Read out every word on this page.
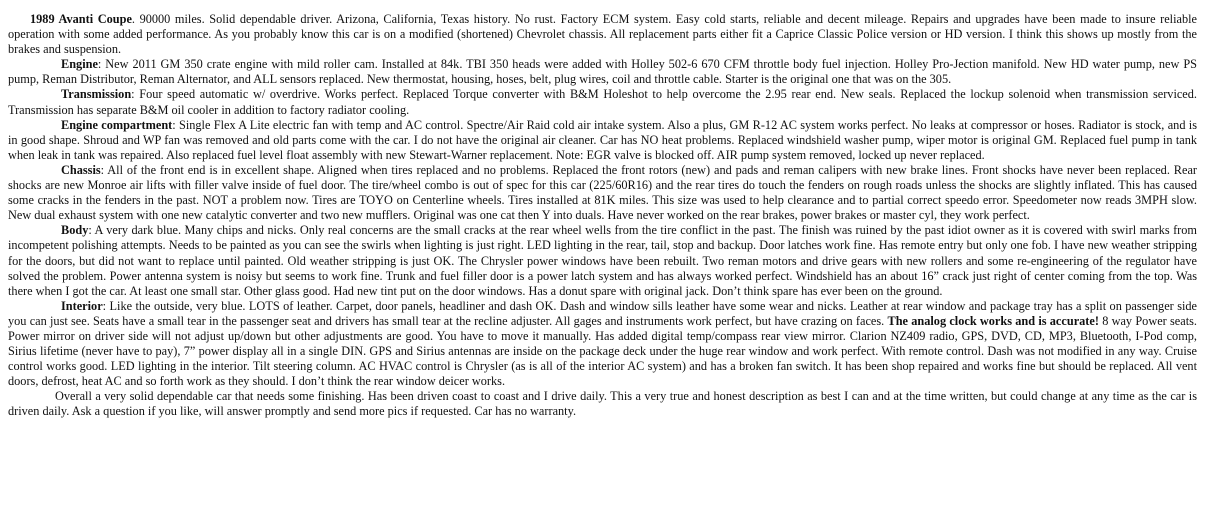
1989 Avanti Coupe. 90000 miles. Solid dependable driver. Arizona, California, Texas history. No rust. Factory ECM system. Easy cold starts, reliable and decent mileage. Repairs and upgrades have been made to insure reliable operation with some added performance. As you probably know this car is on a modified (shortened) Chevrolet chassis. All replacement parts either fit a Caprice Classic Police version or HD version. I think this shows up mostly from the brakes and suspension.

Engine: New 2011 GM 350 crate engine with mild roller cam. Installed at 84k. TBI 350 heads were added with Holley 502-6 670 CFM throttle body fuel injection. Holley Pro-Jection manifold. New HD water pump, new PS pump, Reman Distributor, Reman Alternator, and ALL sensors replaced. New thermostat, housing, hoses, belt, plug wires, coil and throttle cable. Starter is the original one that was on the 305.

Transmission: Four speed automatic w/ overdrive. Works perfect. Replaced Torque converter with B&M Holeshot to help overcome the 2.95 rear end. New seals. Replaced the lockup solenoid when transmission serviced. Transmission has separate B&M oil cooler in addition to factory radiator cooling.

Engine compartment: Single Flex A Lite electric fan with temp and AC control. Spectre/Air Raid cold air intake system. Also a plus, GM R-12 AC system works perfect. No leaks at compressor or hoses. Radiator is stock, and is in good shape. Shroud and WP fan was removed and old parts come with the car. I do not have the original air cleaner. Car has NO heat problems. Replaced windshield washer pump, wiper motor is original GM. Replaced fuel pump in tank when leak in tank was repaired. Also replaced fuel level float assembly with new Stewart-Warner replacement. Note: EGR valve is blocked off. AIR pump system removed, locked up never replaced.

Chassis: All of the front end is in excellent shape. Aligned when tires replaced and no problems. Replaced the front rotors (new) and pads and reman calipers with new brake lines. Front shocks have never been replaced. Rear shocks are new Monroe air lifts with filler valve inside of fuel door. The tire/wheel combo is out of spec for this car (225/60R16) and the rear tires do touch the fenders on rough roads unless the shocks are slightly inflated. This has caused some cracks in the fenders in the past. NOT a problem now. Tires are TOYO on Centerline wheels. Tires installed at 81K miles. This size was used to help clearance and to partial correct speedo error. Speedometer now reads 3MPH slow. New dual exhaust system with one new catalytic converter and two new mufflers. Original was one cat then Y into duals. Have never worked on the rear brakes, power brakes or master cyl, they work perfect.

Body: A very dark blue. Many chips and nicks. Only real concerns are the small cracks at the rear wheel wells from the tire conflict in the past. The finish was ruined by the past idiot owner as it is covered with swirl marks from incompetent polishing attempts. Needs to be painted as you can see the swirls when lighting is just right. LED lighting in the rear, tail, stop and backup. Door latches work fine. Has remote entry but only one fob. I have new weather stripping for the doors, but did not want to replace until painted. Old weather stripping is just OK. The Chrysler power windows have been rebuilt. Two reman motors and drive gears with new rollers and some re-engineering of the regulator have solved the problem. Power antenna system is noisy but seems to work fine. Trunk and fuel filler door is a power latch system and has always worked perfect. Windshield has an about 16” crack just right of center coming from the top. Was there when I got the car. At least one small star. Other glass good. Had new tint put on the door windows. Has a donut spare with original jack. Don’t think spare has ever been on the ground.

Interior: Like the outside, very blue. LOTS of leather. Carpet, door panels, headliner and dash OK. Dash and window sills leather have some wear and nicks. Leather at rear window and package tray has a split on passenger side you can just see. Seats have a small tear in the passenger seat and drivers has small tear at the recline adjuster. All gages and instruments work perfect, but have crazing on faces. The analog clock works and is accurate! 8 way Power seats. Power mirror on driver side will not adjust up/down but other adjustments are good. You have to move it manually. Has added digital temp/compass rear view mirror. Clarion NZ409 radio, GPS, DVD, CD, MP3, Bluetooth, I-Pod comp, Sirius lifetime (never have to pay), 7” power display all in a single DIN. GPS and Sirius antennas are inside on the package deck under the huge rear window and work perfect. With remote control. Dash was not modified in any way. Cruise control works good. LED lighting in the interior. Tilt steering column. AC HVAC control is Chrysler (as is all of the interior AC system) and has a broken fan switch. It has been shop repaired and works fine but should be replaced. All vent doors, defrost, heat AC and so forth work as they should. I don’t think the rear window deicer works.

Overall a very solid dependable car that needs some finishing. Has been driven coast to coast and I drive daily. This a very true and honest description as best I can and at the time written, but could change at any time as the car is driven daily. Ask a question if you like, will answer promptly and send more pics if requested. Car has no warranty.
